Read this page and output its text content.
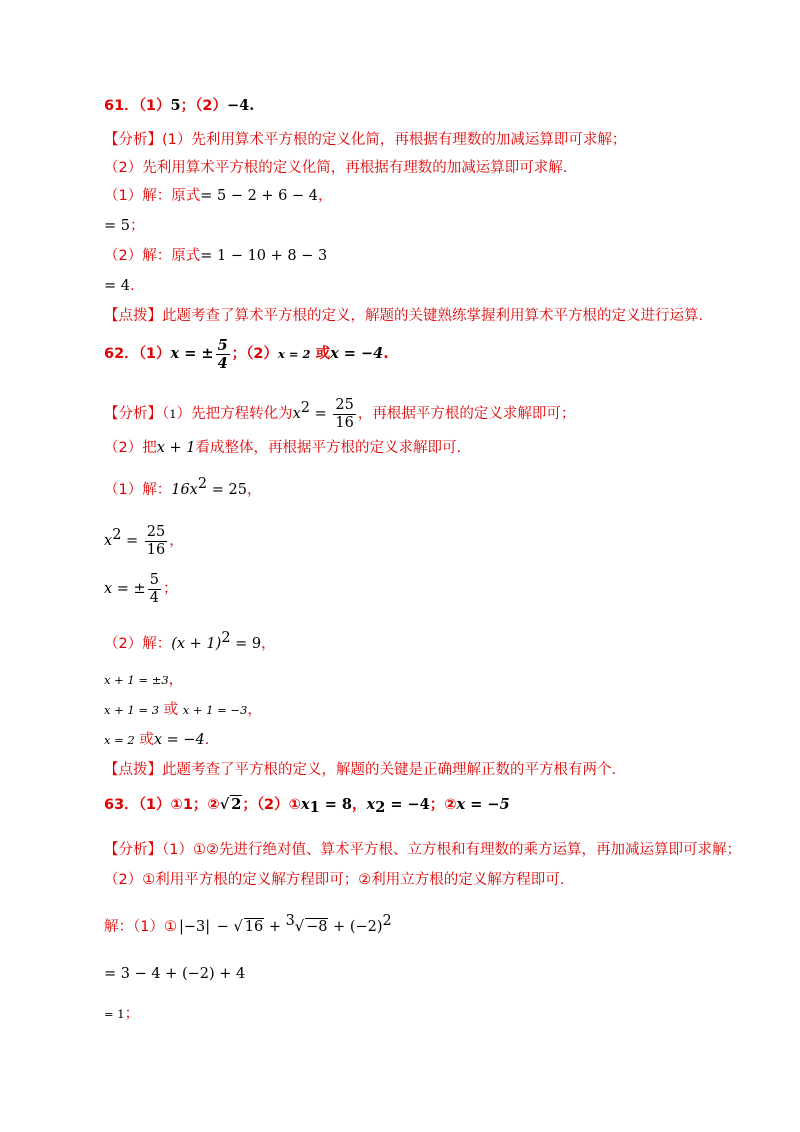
61．（1）5；（2）−4.
【分析】(1）先利用算术平方根的定义化简，再根据有理数的加减运算即可求解；
（2）先利用算术平方根的定义化简，再根据有理数的加减运算即可求解.
（1）解：原式= 5 − 2 + 6 − 4，
= 5；
（2）解：原式= 1 − 10 + 8 − 3
= 4.
【点拨】此题考查了算术平方根的定义，解题的关键熟练掌握利用算术平方根的定义进行运算.
62．（1）x = ± $\frac{5}{4}$ ；（2）x = 2 或x = −4.
【分析】（1）先把方程转化为$x^2 = \frac{25}{16}$ ，再根据平方根的定义求解即可；
（2）把x + 1看成整体，再根据平方根的定义求解即可.
（1）解：$16x^2 = 25$，
$x^2 = \frac{25}{16}$ ，
x = ± $\frac{5}{4}$ ；
（2）解：$(x + 1)^2 = 9$，
x + 1 = ±3，
x + 1 = 3 或 x + 1 = −3，
x = 2 或x = −4.
【点拨】此题考查了平方根的定义，解题的关键是正确理解正数的平方根有两个.
63．（1）①1；②√ 2；$(2)①x_1 = 8$，$x_2 = -4$；②x = −5
【分析】（1）①②先进行绝对值、算术平方根、立方根和有理数的乘方运算，再加减运算即可求解；
（2）①利用平方根的定义解方程即可；②利用立方根的定义解方程即可.
解：（1）① |−3| − √ $16 + ^3√ -8 + (-2)^2$
= 3 − 4 + (−2) + 4
= 1；
